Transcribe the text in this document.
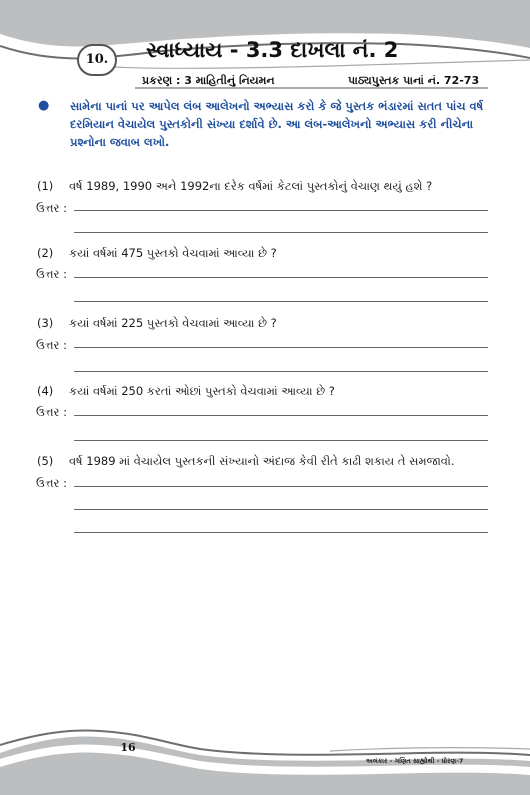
10.	સ્વાધ્યાય - 3.3 દાખલા નં. 2
પ્રકરણ : 3 માહિતીનું નિયમન	પાઠ્યપુસ્તક પાનાં નં. 72-73
● સામેના પાનાં પર આપેલ લંબ આલેખનો અભ્યાસ કરો કે જે પુસ્તક ભંડારમાં સતત પાંચ વર્ષ દરમિયાન વેચાયેલ પુસ્તકોની સંખ્યા દર્શાવે છે. આ લંબ-આલેખનો અભ્યાસ કરી નીચેના પ્રશ્નોના જવાબ લખો.
(1) વર્ષ 1989, 1990 અને 1992ના દરેક વર્ષમાં કેટલાં પુસ્તકોનું વેચાણ થયું હશે ?
ઉત્તર :
(2) કયાં વર્ષમાં 475 પુસ્તકો વેચવામાં આવ્યા છે ?
ઉત્તર :
(3) કયાં વર્ષમાં 225 પુસ્તકો વેચવામાં આવ્યા છે ?
ઉત્તર :
(4) કયાં વર્ષમાં 250 કરતાં ઓછાં પુસ્તકો વેચવામાં આવ્યા છે ?
ઉત્તર :
(5) વર્ષ 1989 માં વેચાયેલ પુસ્તકની સંખ્યાનો અંદાજ કેવી રીતે કાઢી શકાય તે સમજાવો.
ઉત્તર :
16
અલંકાર - ગણિત સાહ્યોથી - ધોરણ-7
